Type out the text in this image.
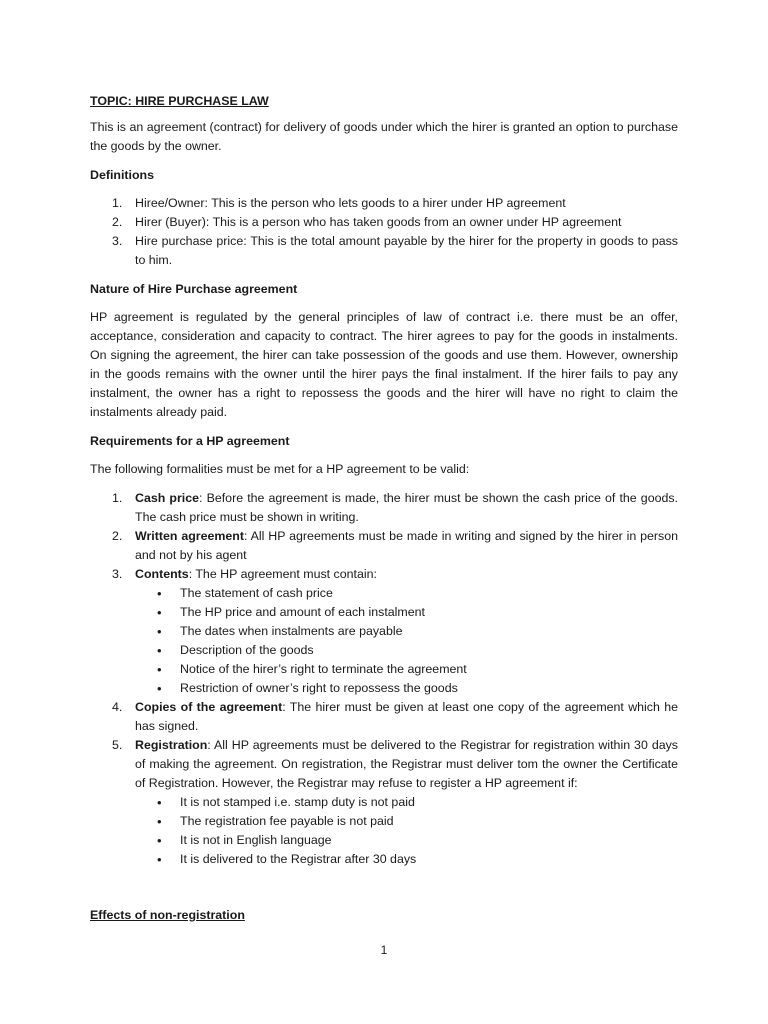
TOPIC: HIRE PURCHASE LAW

This is an agreement (contract) for delivery of goods under which the hirer is granted an option to purchase the goods by the owner.

Definitions

1. Hiree/Owner: This is the person who lets goods to a hirer under HP agreement
2. Hirer (Buyer): This is a person who has taken goods from an owner under HP agreement
3. Hire purchase price: This is the total amount payable by the hirer for the property in goods to pass to him.

Nature of Hire Purchase agreement

HP agreement is regulated by the general principles of law of contract i.e. there must be an offer, acceptance, consideration and capacity to contract. The hirer agrees to pay for the goods in instalments. On signing the agreement, the hirer can take possession of the goods and use them. However, ownership in the goods remains with the owner until the hirer pays the final instalment. If the hirer fails to pay any instalment, the owner has a right to repossess the goods and the hirer will have no right to claim the instalments already paid.

Requirements for a HP agreement

The following formalities must be met for a HP agreement to be valid:

1. Cash price: Before the agreement is made, the hirer must be shown the cash price of the goods. The cash price must be shown in writing.
2. Written agreement: All HP agreements must be made in writing and signed by the hirer in person and not by his agent
3. Contents: The HP agreement must contain:
• The statement of cash price
• The HP price and amount of each instalment
• The dates when instalments are payable
• Description of the goods
• Notice of the hirer’s right to terminate the agreement
• Restriction of owner’s right to repossess the goods
4. Copies of the agreement: The hirer must be given at least one copy of the agreement which he has signed.
5. Registration: All HP agreements must be delivered to the Registrar for registration within 30 days of making the agreement. On registration, the Registrar must deliver tom the owner the Certificate of Registration. However, the Registrar may refuse to register a HP agreement if:
• It is not stamped i.e. stamp duty is not paid
• The registration fee payable is not paid
• It is not in English language
• It is delivered to the Registrar after 30 days
Effects of non-registration
1
